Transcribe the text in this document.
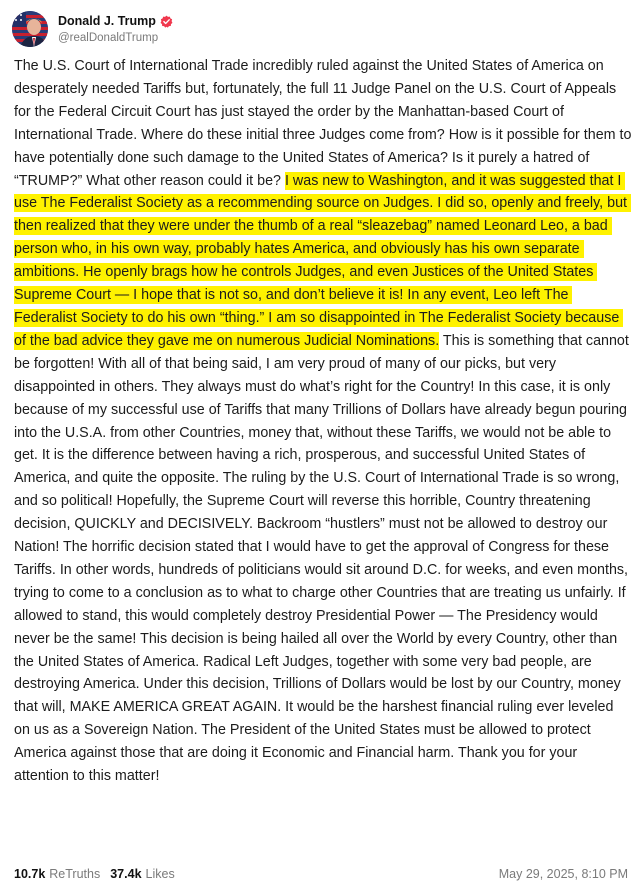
Donald J. Trump
@realDonaldTrump

The U.S. Court of International Trade incredibly ruled against the United States of America on desperately needed Tariffs but, fortunately, the full 11 Judge Panel on the U.S. Court of Appeals for the Federal Circuit Court has just stayed the order by the Manhattan-based Court of International Trade. Where do these initial three Judges come from? How is it possible for them to have potentially done such damage to the United States of America? Is it purely a hatred of “TRUMP?” What other reason could it be? I was new to Washington, and it was suggested that I use The Federalist Society as a recommending source on Judges. I did so, openly and freely, but then realized that they were under the thumb of a real “sleazebag” named Leonard Leo, a bad person who, in his own way, probably hates America, and obviously has his own separate ambitions. He openly brags how he controls Judges, and even Justices of the United States Supreme Court — I hope that is not so, and don’t believe it is! In any event, Leo left The Federalist Society to do his own “thing.” I am so disappointed in The Federalist Society because of the bad advice they gave me on numerous Judicial Nominations. This is something that cannot be forgotten! With all of that being said, I am very proud of many of our picks, but very disappointed in others. They always must do what’s right for the Country! In this case, it is only because of my successful use of Tariffs that many Trillions of Dollars have already begun pouring into the U.S.A. from other Countries, money that, without these Tariffs, we would not be able to get. It is the difference between having a rich, prosperous, and successful United States of America, and quite the opposite. The ruling by the U.S. Court of International Trade is so wrong, and so political! Hopefully, the Supreme Court will reverse this horrible, Country threatening decision, QUICKLY and DECISIVELY. Backroom “hustlers” must not be allowed to destroy our Nation! The horrific decision stated that I would have to get the approval of Congress for these Tariffs. In other words, hundreds of politicians would sit around D.C. for weeks, and even months, trying to come to a conclusion as to what to charge other Countries that are treating us unfairly. If allowed to stand, this would completely destroy Presidential Power — The Presidency would never be the same! This decision is being hailed all over the World by every Country, other than the United States of America. Radical Left Judges, together with some very bad people, are destroying America. Under this decision, Trillions of Dollars would be lost by our Country, money that will, MAKE AMERICA GREAT AGAIN. It would be the harshest financial ruling ever leveled on us as a Sovereign Nation. The President of the United States must be allowed to protect America against those that are doing it Economic and Financial harm. Thank you for your attention to this matter!

10.7k ReTruths 37.4k Likes	May 29, 2025, 8:10 PM
